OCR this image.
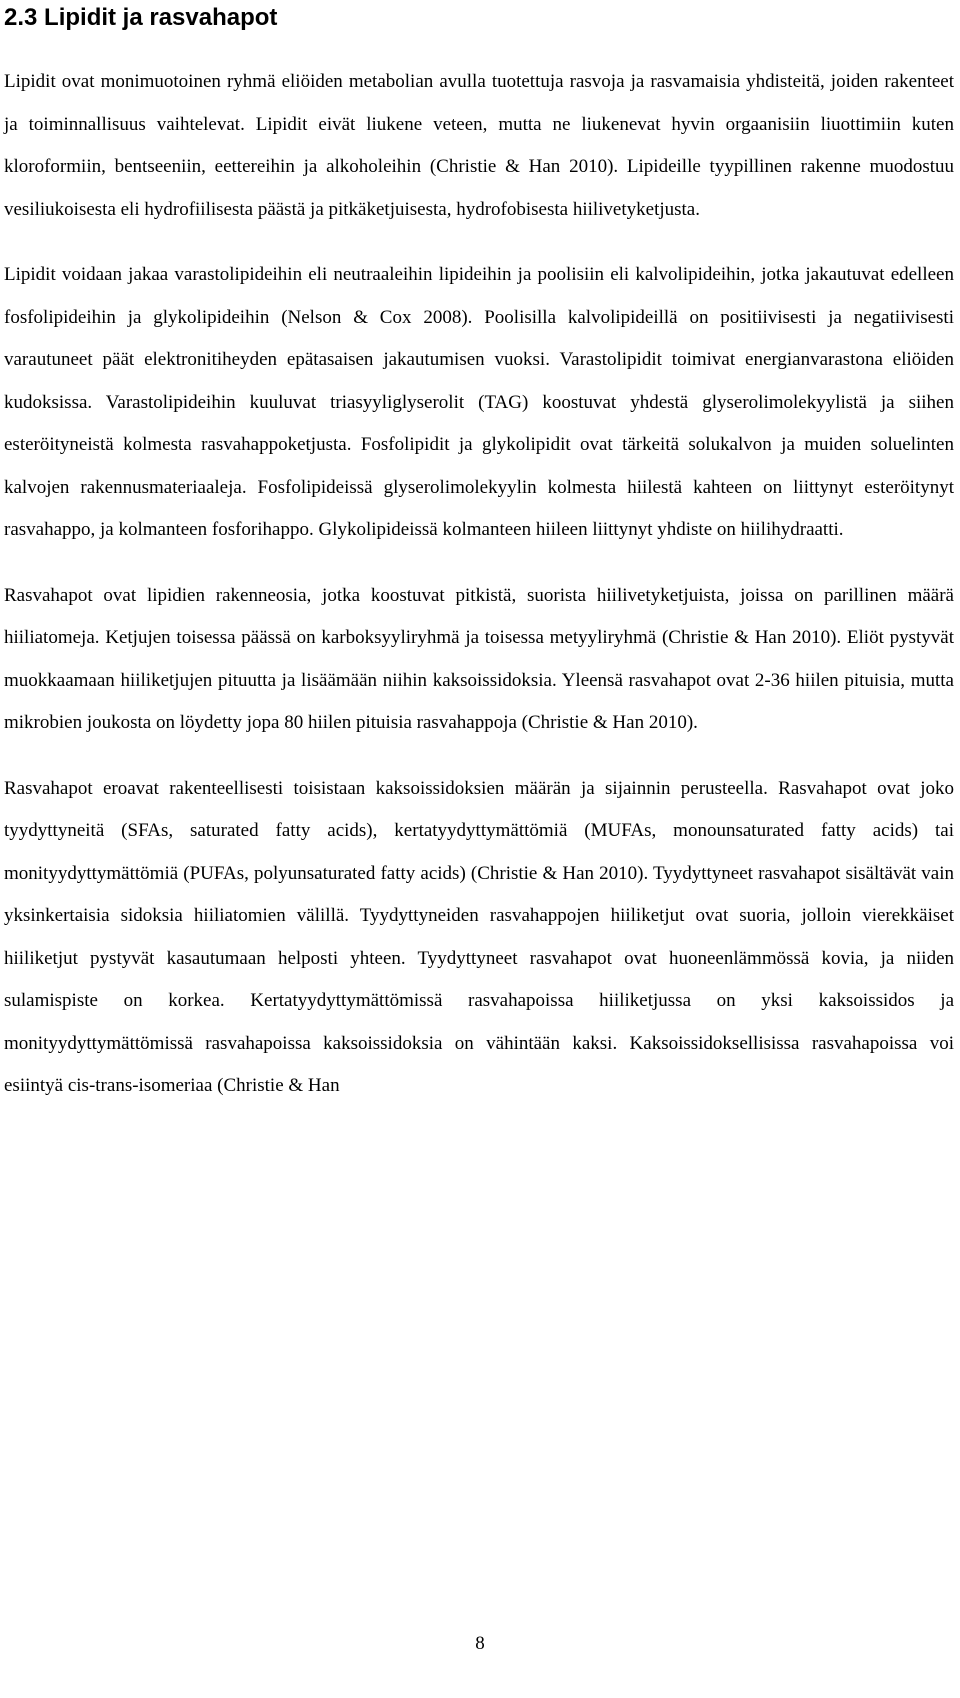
2.3 Lipidit ja rasvahapot

Lipidit ovat monimuotoinen ryhmä eliöiden metabolian avulla tuotettuja rasvoja ja rasvamaisia yhdisteitä, joiden rakenteet ja toiminnallisuus vaihtelevat. Lipidit eivät liukene veteen, mutta ne liukenevat hyvin orgaanisiin liuottimiin kuten kloroformiin, bentseeniin, eettereihin ja alkoholeihin (Christie & Han 2010). Lipideille tyypillinen rakenne muodostuu vesiliukoisesta eli hydrofiilisesta päästä ja pitkäketjuisesta, hydrofobisesta hiilivetyketjusta.

Lipidit voidaan jakaa varastolipideihin eli neutraaleihin lipideihin ja poolisiin eli kalvolipideihin, jotka jakautuvat edelleen fosfolipideihin ja glykolipideihin (Nelson & Cox 2008). Poolisilla kalvolipideillä on positiivisesti ja negatiivisesti varautuneet päät elektronitiheyden epätasaisen jakautumisen vuoksi. Varastolipidit toimivat energianvarastona eliöiden kudoksissa. Varastolipideihin kuuluvat triasyyliglyserolit (TAG) koostuvat yhdestä glyserolimolekyylistä ja siihen esteröityneistä kolmesta rasvahappoketjusta. Fosfolipidit ja glykolipidit ovat tärkeitä solukalvon ja muiden soluelinten kalvojen rakennusmateriaaleja. Fosfolipideissä glyserolimolekyylin kolmesta hiilestä kahteen on liittynyt esteröitynyt rasvahappo, ja kolmanteen fosforihappo. Glykolipideissä kolmanteen hiileen liittynyt yhdiste on hiilihydraatti.

Rasvahapot ovat lipidien rakenneosia, jotka koostuvat pitkistä, suorista hiilivetyketjuista, joissa on parillinen määrä hiiliatomeja. Ketjujen toisessa päässä on karboksyyliryhmä ja toisessa metyyliryhmä (Christie & Han 2010). Eliöt pystyvät muokkaamaan hiiliketjujen pituutta ja lisäämään niihin kaksoissidoksia. Yleensä rasvahapot ovat 2-36 hiilen pituisia, mutta mikrobien joukosta on löydetty jopa 80 hiilen pituisia rasvahappoja (Christie & Han 2010).

Rasvahapot eroavat rakenteellisesti toisistaan kaksoissidoksien määrän ja sijainnin perusteella. Rasvahapot ovat joko tyydyttyneitä (SFAs, saturated fatty acids), kertatyydyttymättömiä (MUFAs, monounsaturated fatty acids) tai monityydyttymättömiä (PUFAs, polyunsaturated fatty acids) (Christie & Han 2010). Tyydyttyneet rasvahapot sisältävät vain yksinkertaisia sidoksia hiiliatomien välillä. Tyydyttyneiden rasvahappojen hiiliketjut ovat suoria, jolloin vierekkäiset hiiliketjut pystyvät kasautumaan helposti yhteen. Tyydyttyneet rasvahapot ovat huoneenlämmössä kovia, ja niiden sulamispiste on korkea. Kertatyydyttymättömissä rasvahapoissa hiiliketjussa on yksi kaksoissidos ja monityydyttymättömissä rasvahapoissa kaksoissidoksia on vähintään kaksi. Kaksoissidoksellisissa rasvahapoissa voi esiintyä cis-trans-isomeriaa (Christie & Han

8
